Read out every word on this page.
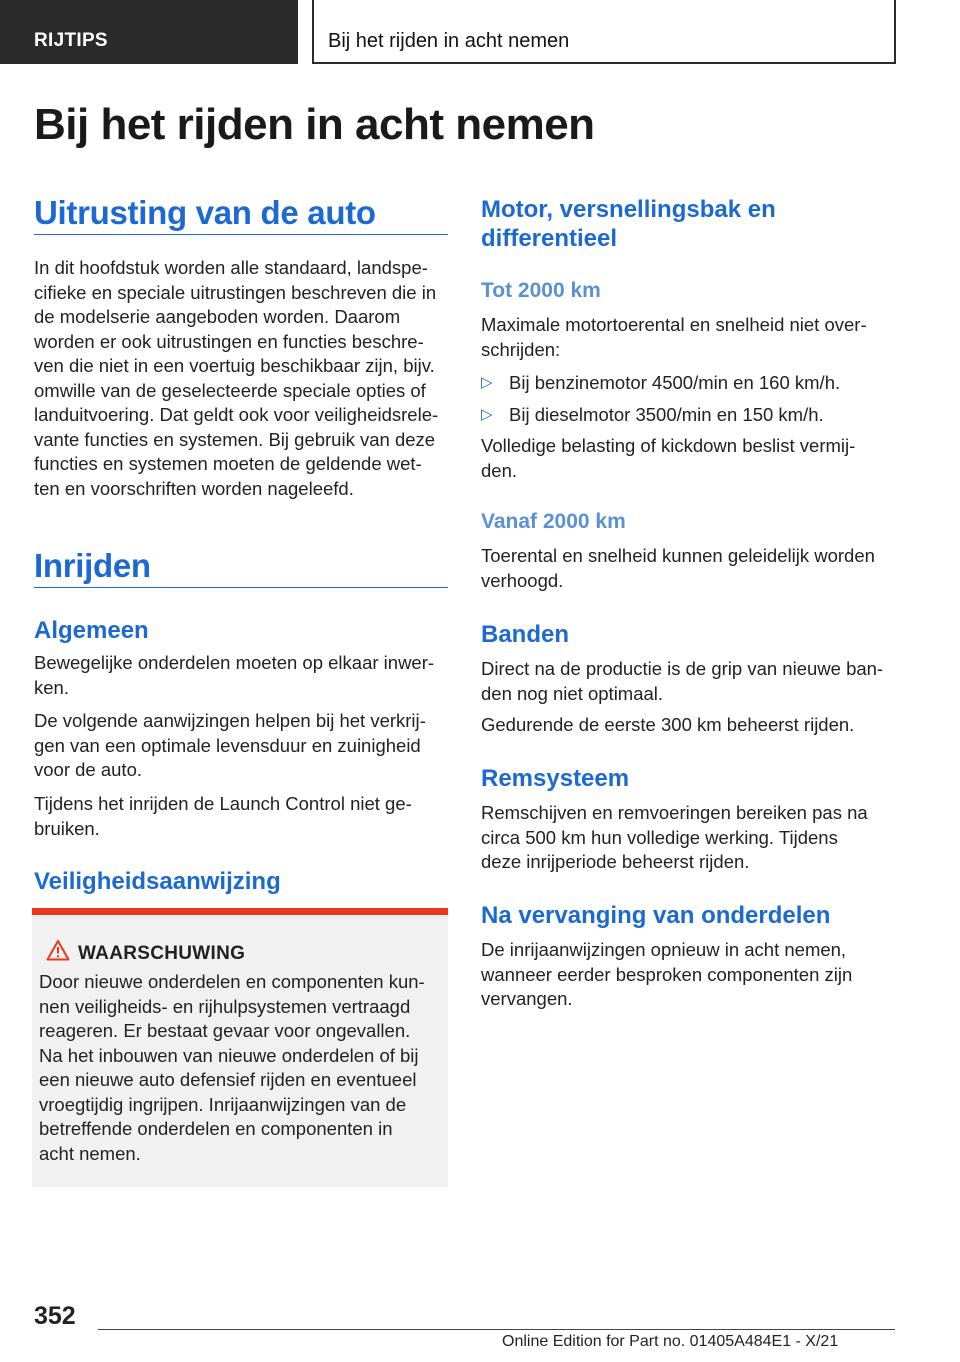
RIJTIPS	Bij het rijden in acht nemen
Bij het rijden in acht nemen
Uitrusting van de auto
In dit hoofdstuk worden alle standaard, landspe-
cifieke en speciale uitrustingen beschreven die in
de modelserie aangeboden worden. Daarom
worden er ook uitrustingen en functies beschre-
ven die niet in een voertuig beschikbaar zijn, bijv.
omwille van de geselecteerde speciale opties of
landuitvoering. Dat geldt ook voor veiligheidsrele-
vante functies en systemen. Bij gebruik van deze
functies en systemen moeten de geldende wet-
ten en voorschriften worden nageleefd.
Inrijden
Algemeen
Bewegelijke onderdelen moeten op elkaar inwer-
ken.
De volgende aanwijzingen helpen bij het verkrij-
gen van een optimale levensduur en zuinigheid
voor de auto.
Tijdens het inrijden de Launch Control niet ge-
bruiken.
Veiligheidsaanwijzing
WAARSCHUWING
Door nieuwe onderdelen en componenten kun-
nen veiligheids- en rijhulpsystemen vertraagd
reageren. Er bestaat gevaar voor ongevallen.
Na het inbouwen van nieuwe onderdelen of bij
een nieuwe auto defensief rijden en eventueel
vroegtijdig ingrijpen. Inrijaanwijzingen van de
betreffende onderdelen en componenten in
acht nemen.
Motor, versnellingsbak en
differentieel
Tot 2000 km
Maximale motortoerental en snelheid niet over-
schrijden:
▷ Bij benzinemotor 4500/min en 160 km/h.
▷ Bij dieselmotor 3500/min en 150 km/h.
Volledige belasting of kickdown beslist vermij-
den.
Vanaf 2000 km
Toerental en snelheid kunnen geleidelijk worden
verhoogd.
Banden
Direct na de productie is de grip van nieuwe ban-
den nog niet optimaal.
Gedurende de eerste 300 km beheerst rijden.
Remsysteem
Remschijven en remvoeringen bereiken pas na
circa 500 km hun volledige werking. Tijdens
deze inrijperiode beheerst rijden.
Na vervanging van onderdelen
De inrijaanwijzingen opnieuw in acht nemen,
wanneer eerder besproken componenten zijn
vervangen.
352
Online Edition for Part no. 01405A484E1 - X/21
